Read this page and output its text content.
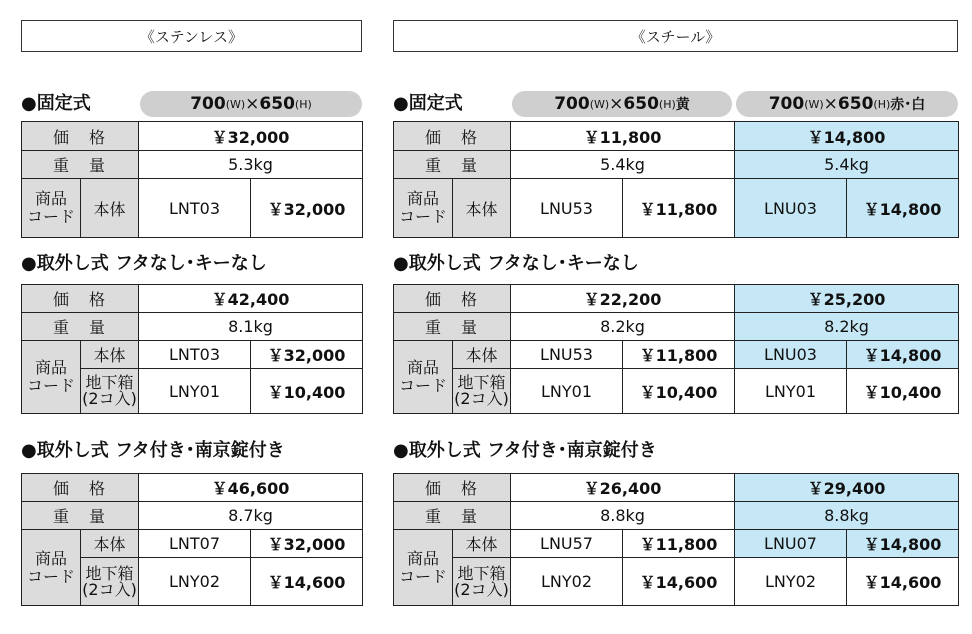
《ステンレス》
●固定式	700 (W) × 650 (H)
価　格		￥32,000	
重　量		5.3kg	
商品
コード	本体	LNT03	￥32,000
●取外し式 フタなし･キーなし
価　格		￥42,400	
重　量		8.1kg	
商品
コード	本体	LNT03	￥32,000
	地下箱
(2コ入)	LNY01	￥10,400
●取外し式 フタ付き･南京錠付き
価　格		￥46,600	
重　量		8.7kg	
商品
コード	本体	LNT07	￥32,000
	地下箱
(2コ入)	LNY02	￥14,600
《スチール》
●固定式	700 (W) × 650 (H) 黄	700 (W) × 650 (H) 赤･白
価　格		￥11,800		￥14,800	
重　量		5.4kg		5.4kg	
商品
コード	本体	LNU53	￥11,800	LNU03	￥14,800
●取外し式 フタなし･キーなし
価　格		￥22,200		￥25,200	
重　量		8.2kg		8.2kg	
商品
コード	本体	LNU53	￥11,800	LNU03	￥14,800
	地下箱
(2コ入)	LNY01	￥10,400	LNY01	￥10,400
●取外し式 フタ付き･南京錠付き
価　格		￥26,400		￥29,400	
重　量		8.8kg		8.8kg	
商品
コード	本体	LNU57	￥11,800	LNU07	￥14,800
	地下箱
(2コ入)	LNY02	￥14,600	LNY02	￥14,600
